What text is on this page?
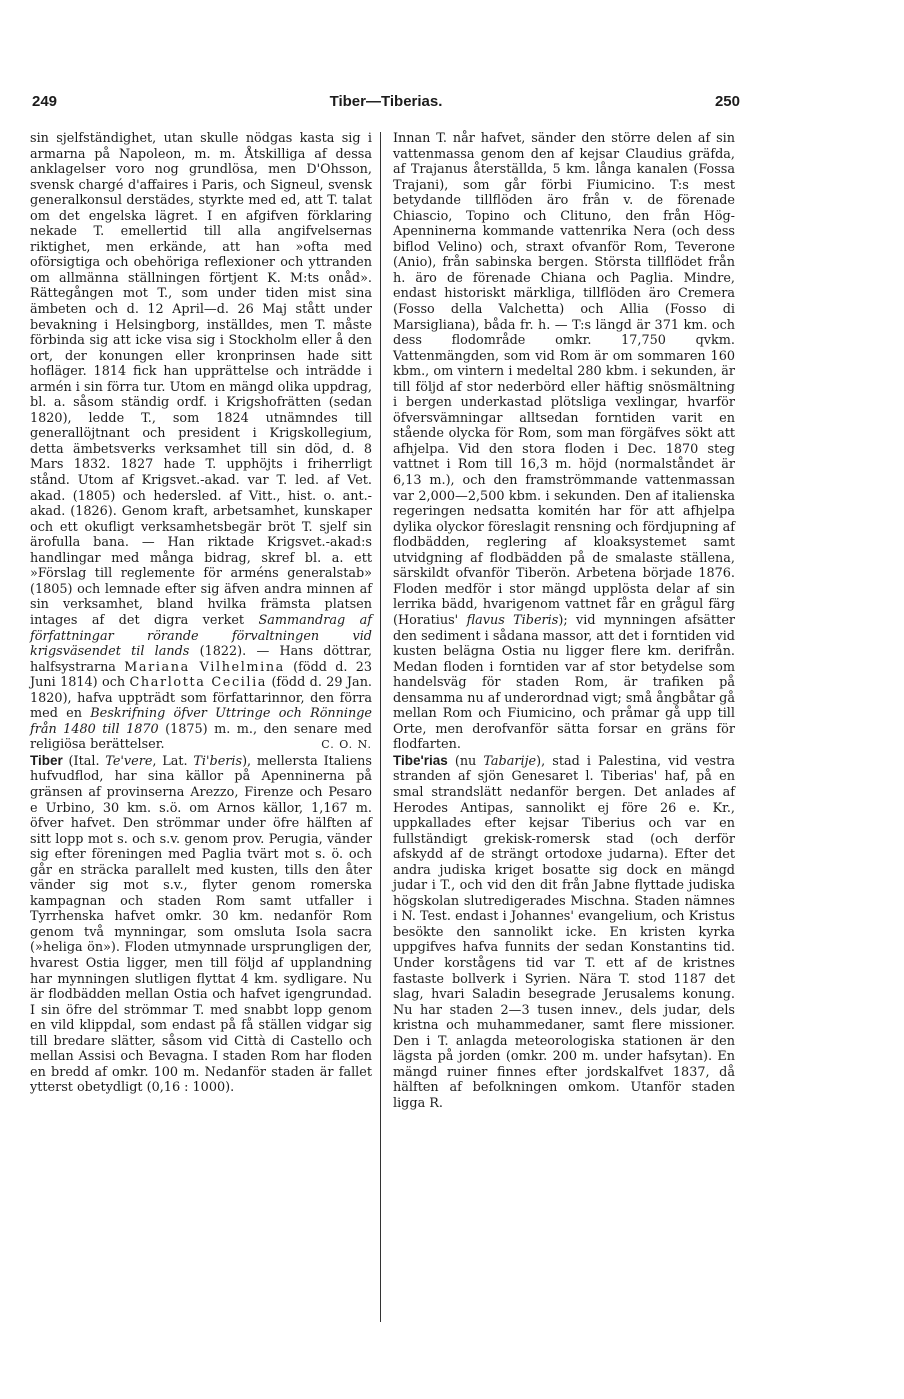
249	Tiber—Tiberias.	250

sin sjelfständighet, utan skulle nödgas kasta sig i armarna på Napoleon, m. m. Åtskilliga af dessa anklagelser voro nog grundlösa, men D'Ohsson, svensk chargé d'affaires i Paris, och Signeul, svensk generalkonsul derstädes, styrkte med ed, att T. talat om det engelska lägret. I en afgifven förklaring nekade T. emellertid till alla angifvelsernas riktighet, men erkände, att han »ofta med oförsigtiga och obehöriga reflexioner och yttranden om allmänna ställningen förtjent K. M:ts onåd». Rättegången mot T., som under tiden mist sina ämbeten och d. 12 April—d. 26 Maj stått under bevakning i Helsingborg, inställdes, men T. måste förbinda sig att icke visa sig i Stockholm eller å den ort, der konungen eller kronprinsen hade sitt hofläger. 1814 fick han upprättelse och inträdde i armén i sin förra tur. Utom en mängd olika uppdrag, bl. a. såsom ständig ordf. i Krigshofrätten (sedan 1820), ledde T., som 1824 utnämndes till generallöjtnant och president i Krigskollegium, detta ämbetsverks verksamhet till sin död, d. 8 Mars 1832. 1827 hade T. upphöjts i friherrligt stånd. Utom af Krigsvet.-akad. var T. led. af Vet. akad. (1805) och hedersled. af Vitt., hist. o. ant.-akad. (1826). Genom kraft, arbetsamhet, kunskaper och ett okufligt verksamhetsbegär bröt T. sjelf sin ärofulla bana. — Han riktade Krigsvet.-akad:s handlingar med många bidrag, skref bl. a. ett »Förslag till reglemente för arméns generalstab» (1805) och lemnade efter sig äfven andra minnen af sin verksamhet, bland hvilka främsta platsen intages af det digra verket Sammandrag af författningar rörande förvaltningen vid krigsväsendet til lands (1822). — Hans döttrar, halfsystrarna Mariana Vilhelmina (född d. 23 Juni 1814) och Charlotta Cecilia (född d. 29 Jan. 1820), hafva uppträdt som författarinnor, den förra med en Beskrifning öfver Uttringe och Rönninge från 1480 till 1870 (1875) m. m., den senare med religiösa berättelser.	C. O. N.

Tiber (Ital. Te'vere, Lat. Ti'beris), mellersta Italiens hufvudflod, har sina källor på Apenninerna på gränsen af provinserna Arezzo, Firenze och Pesaro e Urbino, 30 km. s.ö. om Arnos källor, 1,167 m. öfver hafvet. Den strömmar under öfre hälften af sitt lopp mot s. och s.v. genom prov. Perugia, vänder sig efter föreningen med Paglia tvärt mot s. ö. och går en sträcka parallelt med kusten, tills den åter vänder sig mot s.v., flyter genom romerska kampagnan och staden Rom samt utfaller i Tyrrhenska hafvet omkr. 30 km. nedanför Rom genom två mynningar, som omsluta Isola sacra (»heliga ön»). Floden utmynnade ursprungligen der, hvarest Ostia ligger, men till följd af upplandning har mynningen slutligen flyttat 4 km. sydligare. Nu är flodbädden mellan Ostia och hafvet igengrundad. I sin öfre del strömmar T. med snabbt lopp genom en vild klippdal, som endast på få ställen vidgar sig till bredare slätter, såsom vid Città di Castello och mellan Assisi och Bevagna. I staden Rom har floden en bredd af omkr. 100 m. Nedanför staden är fallet ytterst obetydligt (0,16 : 1000).

Innan T. når hafvet, sänder den större delen af sin vattenmassa genom den af kejsar Claudius gräfda, af Trajanus återställda, 5 km. långa kanalen (Fossa Trajani), som går förbi Fiumicino. T:s mest betydande tillflöden äro från v. de förenade Chiascio, Topino och Clituno, den från Hög-Apenninerna kommande vattenrika Nera (och dess biflod Velino) och, straxt ofvanför Rom, Teverone (Anio), från sabinska bergen. Största tillflödet från h. äro de förenade Chiana och Paglia. Mindre, endast historiskt märkliga, tillflöden äro Cremera (Fosso della Valchetta) och Allia (Fosso di Marsigliana), båda fr. h. — T:s längd är 371 km. och dess flodområde omkr. 17,750 qvkm. Vattenmängden, som vid Rom är om sommaren 160 kbm., om vintern i medeltal 280 kbm. i sekunden, är till följd af stor nederbörd eller häftig snösmältning i bergen underkastad plötsliga vexlingar, hvarför öfversvämningar alltsedan forntiden varit en stående olycka för Rom, som man förgäfves sökt att afhjelpa. Vid den stora floden i Dec. 1870 steg vattnet i Rom till 16,3 m. höjd (normalståndet är 6,13 m.), och den framströmmande vattenmassan var 2,000—2,500 kbm. i sekunden. Den af italienska regeringen nedsatta komitén har för att afhjelpa dylika olyckor föreslagit rensning och fördjupning af flodbädden, reglering af kloaksystemet samt utvidgning af flodbädden på de smalaste ställena, särskildt ofvanför Tiberön. Arbetena började 1876. Floden medför i stor mängd upplösta delar af sin lerrika bädd, hvarigenom vattnet får en grågul färg (Horatius' flavus Tiberis); vid mynningen afsätter den sediment i sådana massor, att det i forntiden vid kusten belägna Ostia nu ligger flere km. derifrån. Medan floden i forntiden var af stor betydelse som handelsväg för staden Rom, är trafiken på densamma nu af underordnad vigt; små ångbåtar gå mellan Rom och Fiumicino, och pråmar gå upp till Orte, men derofvanför sätta forsar en gräns för flodfarten.

Tibe'rias (nu Tabarije), stad i Palestina, vid vestra stranden af sjön Genesaret l. Tiberias' haf, på en smal strandslätt nedanför bergen. Det anlades af Herodes Antipas, sannolikt ej före 26 e. Kr., uppkallades efter kejsar Tiberius och var en fullständigt grekisk-romersk stad (och derför afskydd af de strängt ortodoxe judarna). Efter det andra judiska kriget bosatte sig dock en mängd judar i T., och vid den dit från Jabne flyttade judiska högskolan slutredigerades Mischna. Staden nämnes i N. Test. endast i Johannes' evangelium, och Kristus besökte den sannolikt icke. En kristen kyrka uppgifves hafva funnits der sedan Konstantins tid. Under korstågens tid var T. ett af de kristnes fastaste bollverk i Syrien. Nära T. stod 1187 det slag, hvari Saladin besegrade Jerusalems konung. Nu har staden 2—3 tusen innev., dels judar, dels kristna och muhammedaner, samt flere missioner. Den i T. anlagda meteorologiska stationen är den lägsta på jorden (omkr. 200 m. under hafsytan). En mängd ruiner finnes efter jordskalfvet 1837, då hälften af befolkningen omkom. Utanför staden ligga R.
